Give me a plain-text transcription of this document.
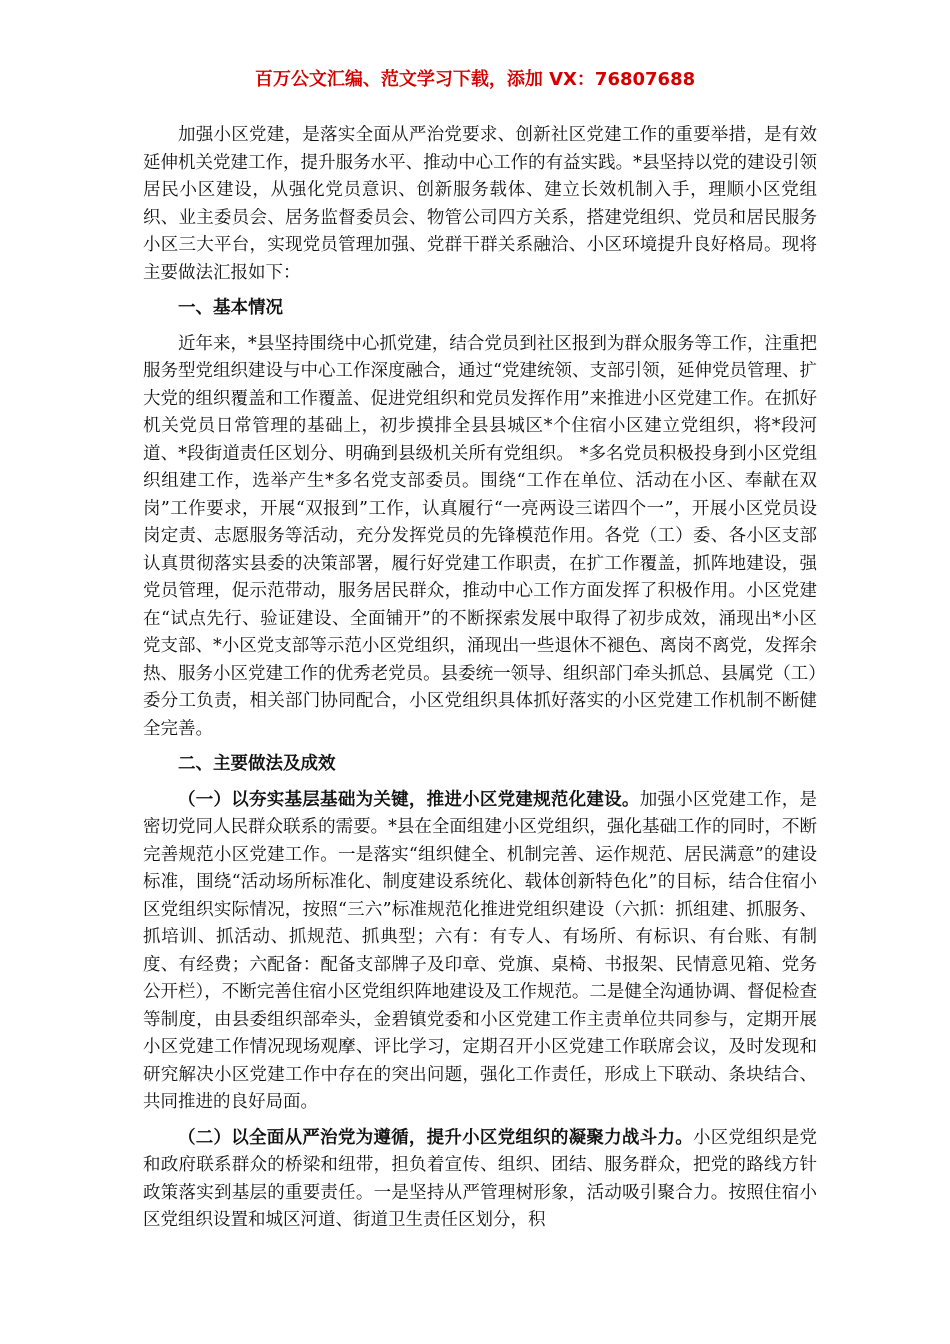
百万公文汇编、范文学习下载，添加 VX：76807688

加强小区党建，是落实全面从严治党要求、创新社区党建工作的重要举措，是有效延伸机关党建工作，提升服务水平、推动中心工作的有益实践。*县坚持以党的建设引领居民小区建设，从强化党员意识、创新服务载体、建立长效机制入手，理顺小区党组织、业主委员会、居务监督委员会、物管公司四方关系，搭建党组织、党员和居民服务小区三大平台，实现党员管理加强、党群干群关系融洽、小区环境提升良好格局。现将主要做法汇报如下：

一、基本情况

近年来，*县坚持围绕中心抓党建，结合党员到社区报到为群众服务等工作，注重把服务型党组织建设与中心工作深度融合，通过“党建统领、支部引领，延伸党员管理、扩大党的组织覆盖和工作覆盖、促进党组织和党员发挥作用”来推进小区党建工作。在抓好机关党员日常管理的基础上，初步摸排全县县城区*个住宿小区建立党组织，将*段河道、*段街道责任区划分、明确到县级机关所有党组织。 *多名党员积极投身到小区党组织组建工作，选举产生*多名党支部委员。围绕“工作在单位、活动在小区、奉献在双岗”工作要求，开展“双报到”工作，认真履行“一亮两设三诺四个一”，开展小区党员设岗定责、志愿服务等活动，充分发挥党员的先锋模范作用。各党（工）委、各小区支部认真贯彻落实县委的决策部署，履行好党建工作职责，在扩工作覆盖，抓阵地建设，强党员管理，促示范带动，服务居民群众，推动中心工作方面发挥了积极作用。小区党建在“试点先行、验证建设、全面铺开”的不断探索发展中取得了初步成效，涌现出*小区党支部、*小区党支部等示范小区党组织，涌现出一些退休不褪色、离岗不离党，发挥余热、服务小区党建工作的优秀老党员。县委统一领导、组织部门牵头抓总、县属党（工）委分工负责，相关部门协同配合，小区党组织具体抓好落实的小区党建工作机制不断健全完善。

二、主要做法及成效

（一）以夯实基层基础为关键，推进小区党建规范化建设。加强小区党建工作，是密切党同人民群众联系的需要。*县在全面组建小区党组织，强化基础工作的同时，不断完善规范小区党建工作。一是落实“组织健全、机制完善、运作规范、居民满意”的建设标准，围绕“活动场所标准化、制度建设系统化、载体创新特色化”的目标，结合住宿小区党组织实际情况，按照“三六”标准规范化推进党组织建设（六抓：抓组建、抓服务、抓培训、抓活动、抓规范、抓典型；六有：有专人、有场所、有标识、有台账、有制度、有经费；六配备：配备支部牌子及印章、党旗、桌椅、书报架、民情意见箱、党务公开栏），不断完善住宿小区党组织阵地建设及工作规范。二是健全沟通协调、督促检查等制度，由县委组织部牵头，金碧镇党委和小区党建工作主责单位共同参与，定期开展小区党建工作情况现场观摩、评比学习，定期召开小区党建工作联席会议，及时发现和研究解决小区党建工作中存在的突出问题，强化工作责任，形成上下联动、条块结合、共同推进的良好局面。

（二）以全面从严治党为遵循，提升小区党组织的凝聚力战斗力。小区党组织是党和政府联系群众的桥梁和纽带，担负着宣传、组织、团结、服务群众，把党的路线方针政策落实到基层的重要责任。一是坚持从严管理树形象，活动吸引聚合力。按照住宿小区党组织设置和城区河道、街道卫生责任区划分，积
